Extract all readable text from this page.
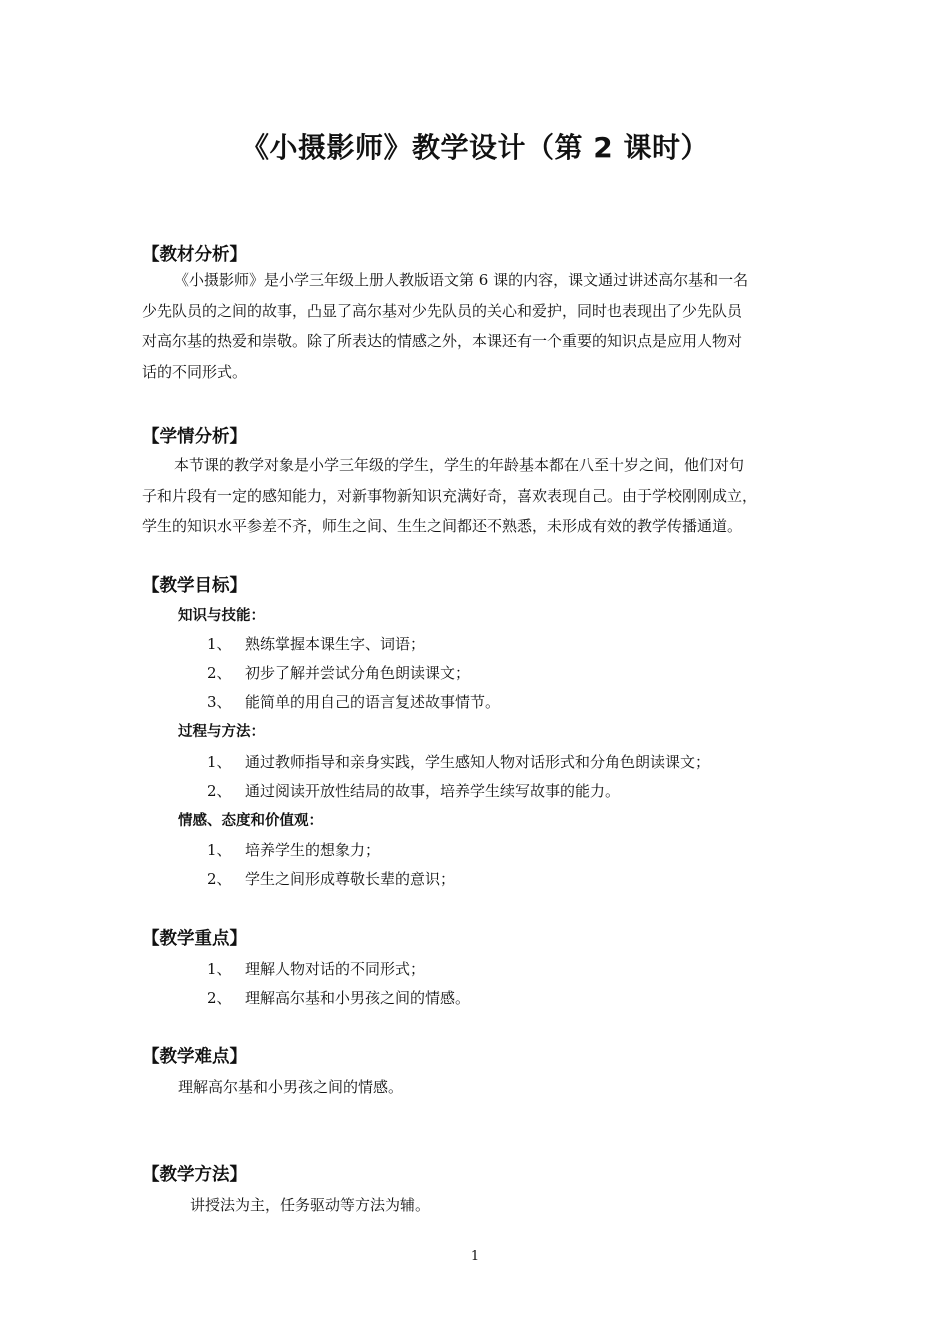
《小摄影师》教学设计（第 2 课时）
【教材分析】
《小摄影师》是小学三年级上册人教版语文第 6 课的内容，课文通过讲述高尔基和一名
少先队员的之间的故事，凸显了高尔基对少先队员的关心和爱护，同时也表现出了少先队员
对高尔基的热爱和崇敬。除了所表达的情感之外，本课还有一个重要的知识点是应用人物对
话的不同形式。
【学情分析】
本节课的教学对象是小学三年级的学生，学生的年龄基本都在八至十岁之间，他们对句
子和片段有一定的感知能力，对新事物新知识充满好奇，喜欢表现自己。由于学校刚刚成立，
学生的知识水平参差不齐，师生之间、生生之间都还不熟悉，未形成有效的教学传播通道。
【教学目标】
知识与技能：
1、 熟练掌握本课生字、词语；
2、 初步了解并尝试分角色朗读课文；
3、 能简单的用自己的语言复述故事情节。
过程与方法：
1、 通过教师指导和亲身实践，学生感知人物对话形式和分角色朗读课文；
2、 通过阅读开放性结局的故事，培养学生续写故事的能力。
情感、态度和价值观：
1、 培养学生的想象力；
2、 学生之间形成尊敬长辈的意识；
【教学重点】
1、 理解人物对话的不同形式；
2、 理解高尔基和小男孩之间的情感。
【教学难点】
理解高尔基和小男孩之间的情感。
【教学方法】
讲授法为主，任务驱动等方法为辅。
1
